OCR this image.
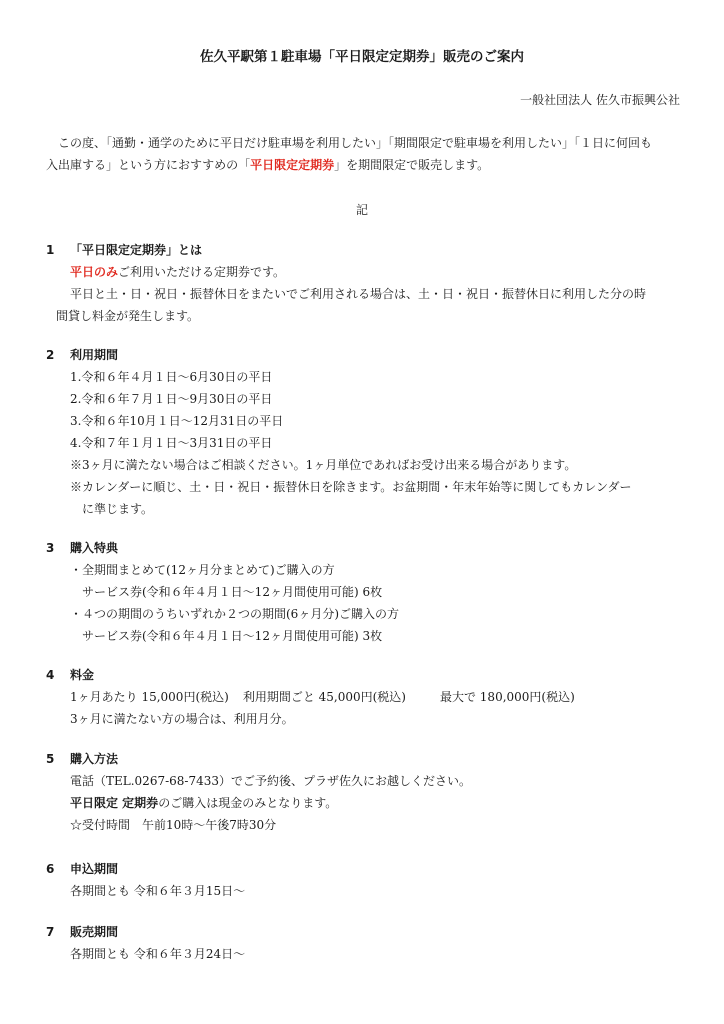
佐久平駅第１駐車場「平日限定定期券」販売のご案内

一般社団法人 佐久市振興公社

この度、「通勤・通学のために平日だけ駐車場を利用したい」「期間限定で駐車場を利用したい」「１日に何回も
入出庫する」という方におすすめの「平日限定定期券」を期間限定で販売します。

記

1 「平日限定定期券」とは

平日のみご利用いただける定期券です。

平日と土・日・祝日・振替休日をまたいでご利用される場合は、土・日・祝日・振替休日に利用した分の時

間貸し料金が発生します。

2 利用期間

1.令和６年４月１日～6月30日の平日

2.令和６年７月１日～9月30日の平日

3.令和６年10月１日～12月31日の平日

4.令和７年１月１日～3月31日の平日

※3ヶ月に満たない場合はご相談ください。1ヶ月単位であればお受け出来る場合があります。

※カレンダーに順じ、土・日・祝日・振替休日を除きます。お盆期間・年末年始等に関してもカレンダー

に準じます。

3 購入特典

・全期間まとめて(12ヶ月分まとめて)ご購入の方

サービス券(令和６年４月１日～12ヶ月間使用可能) 6枚

・４つの期間のうちいずれか２つの期間(6ヶ月分)ご購入の方

サービス券(令和６年４月１日～12ヶ月間使用可能) 3枚

4 料金

1ヶ月あたり 15,000円(税込) 利用期間ごと 45,000円(税込)	最大で 180,000円(税込)

3ヶ月に満たない方の場合は、利用月分。

5 購入方法

電話（TEL.0267-68-7433）でご予約後、プラザ佐久にお越しください。

平日限定 定期券のご購入は現金のみとなります。

☆受付時間　午前10時～午後7時30分

6 申込期間

各期間とも 令和６年３月15日～

7 販売期間

各期間とも 令和６年３月24日～
